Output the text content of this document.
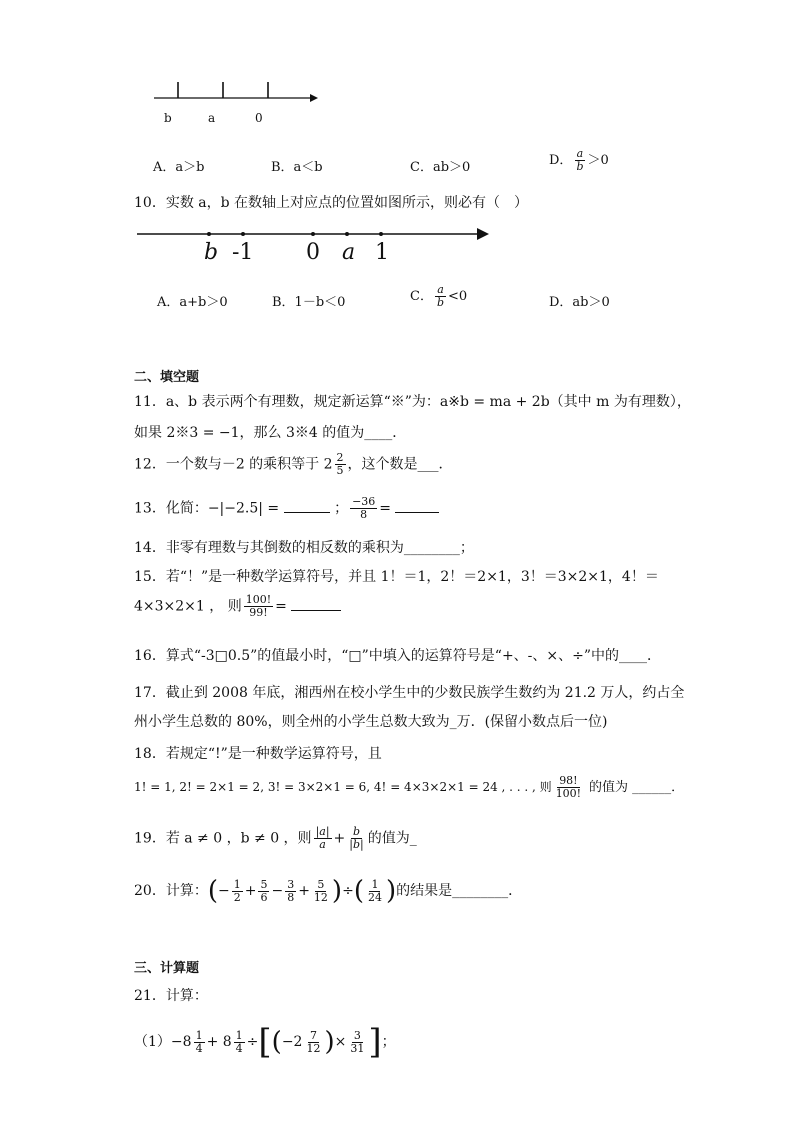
b	a	0
A．a＞b	B．a＜b	C．ab＞0	D． $\frac{a}{b} >0$
10．实数 a，b 在数轴上对应点的位置如图所示，则必有（　）
b -1 0 a 1
A．a+b＞0	B．1－b＜0	C． $\frac{a}{b} <0$	D．ab＞0
二、填空题
11．a、b 表示两个有理数，规定新运算“※”为：a※b = ma + 2b（其中 m 为有理数），
如果 2※3 = −1，那么 3※4 的值为____．
12．一个数与－2 的乘积等于 $2 \frac{2}{5}$ ，这个数是___．
13．化简：−|−2.5| =	； $\frac{-36}{8}$ =
14．非零有理数与其倒数的相反数的乘积为________；
15．若“！”是一种数学运算符号，并且 1！＝1，2！＝2×1，3！＝3×2×1，4！＝
4×3×2×1 ， 则 $\frac{100!}{99!}$ =
16．算式“-3□0.5”的值最小时，“□”中填入的运算符号是“+、-、×、÷”中的____．
17．截止到 2008 年底，湘西州在校小学生中的少数民族学生数约为 21.2 万人，约占全
州小学生总数的 80%，则全州的小学生总数大致为_万．(保留小数点后一位)
18．若规定“!”是一种数学运算符号，且
1! = 1, 2! = 2×1 = 2, 3! = 3×2×1 = 6, 4! = 4×3×2×1 = 24 , . . . , 则 $\frac{98!}{100!}$ 的值为 ______．
19．若 a ≠ 0 ，b ≠ 0 ，则 $\frac{|a|}{a} + \frac{b}{|b|}$ 的值为_
20．计算：(− $\frac{1}{2} + \frac{5}{6} - \frac{3}{8} + \frac{5}{12}$ )÷( $\frac{1}{24}$ )的结果是________．
三、计算题
21．计算：
$(1)-8 \frac{1}{4} + 8 \frac{1}{4} \div[(-2 \frac{7}{12}$ )× $\frac{3}{31}$ ]；
